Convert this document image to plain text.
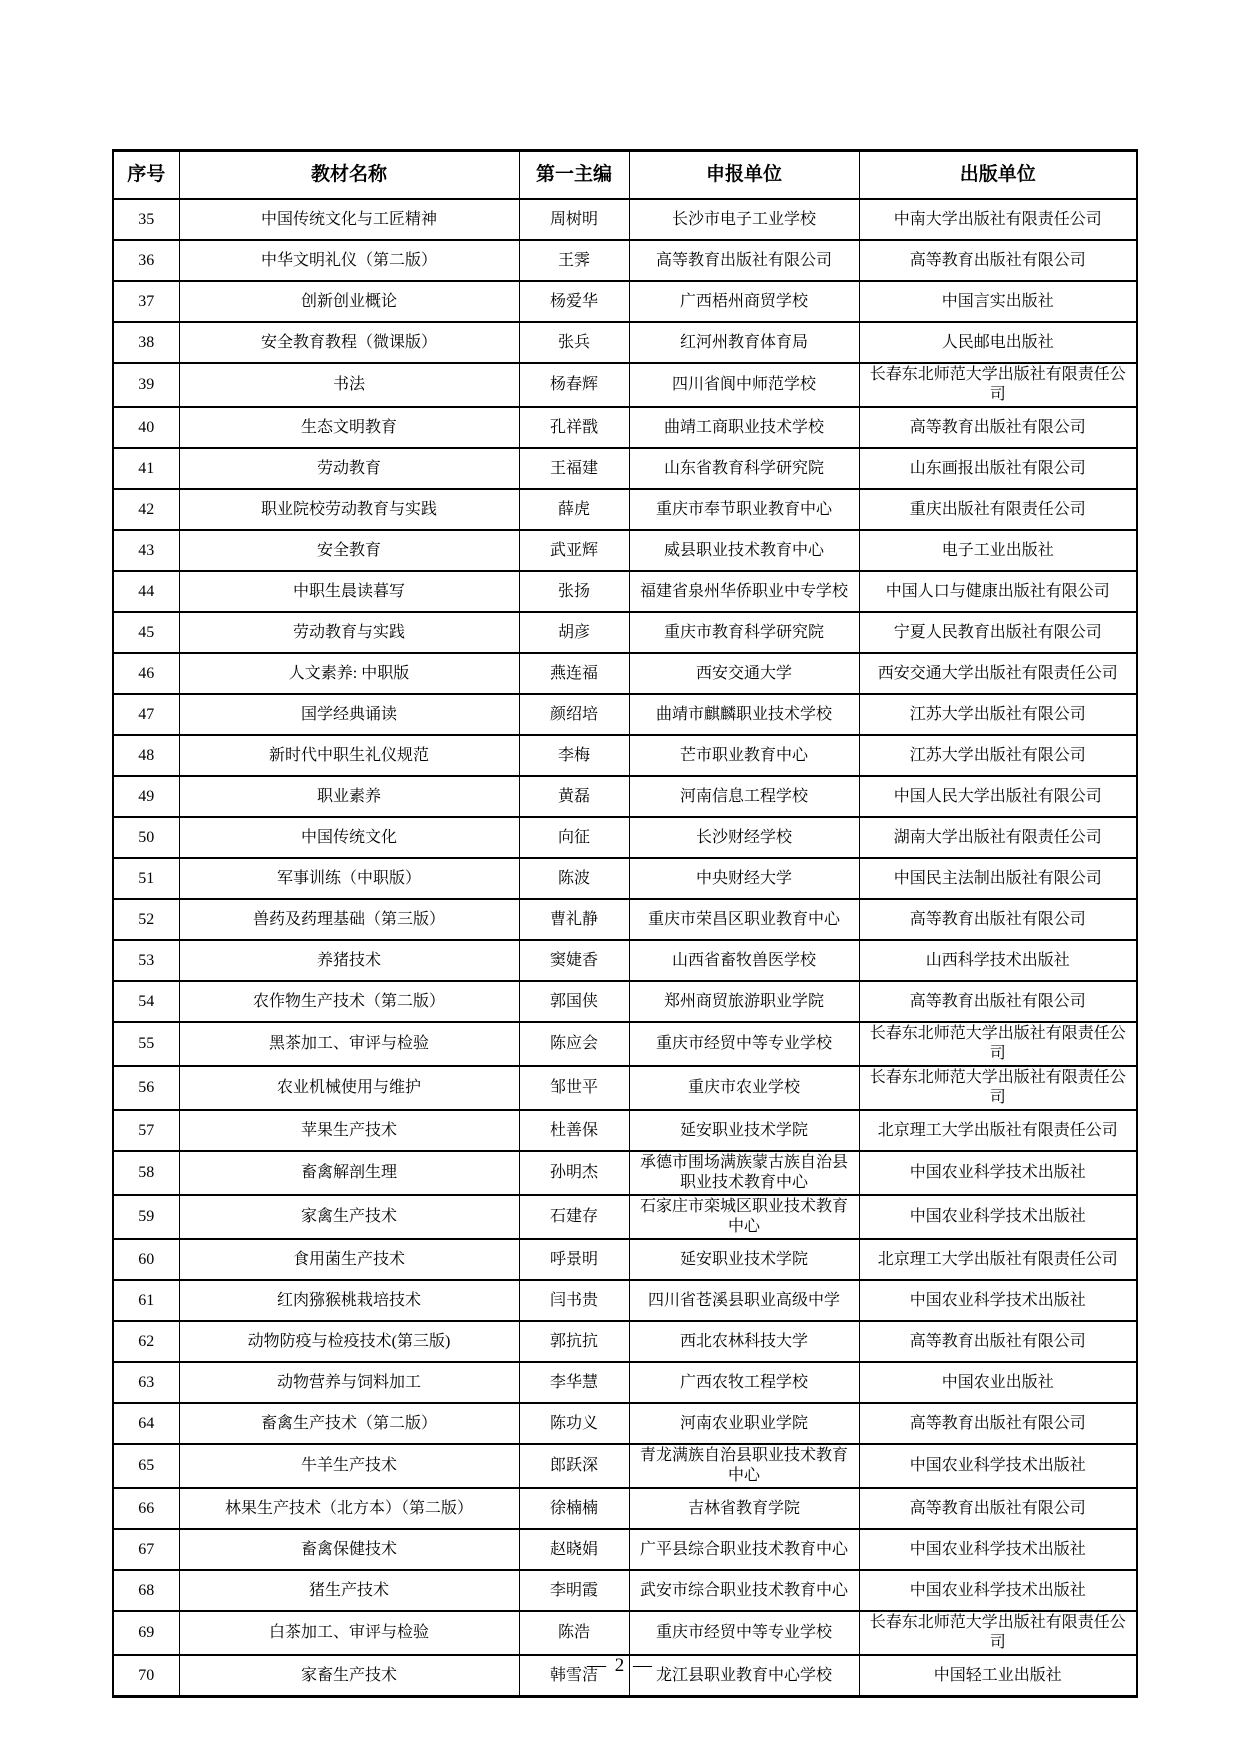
序号	教材名称	第一主编	申报单位	出版单位
35	中国传统文化与工匠精神	周树明	长沙市电子工业学校	中南大学出版社有限责任公司
36	中华文明礼仪（第二版）	王霁	高等教育出版社有限公司	高等教育出版社有限公司
37	创新创业概论	杨爱华	广西梧州商贸学校	中国言实出版社
38	安全教育教程（微课版）	张兵	红河州教育体育局	人民邮电出版社
39	书法	杨春辉	四川省阆中师范学校	长春东北师范大学出版社有限责任公司
40	生态文明教育	孔祥戬	曲靖工商职业技术学校	高等教育出版社有限公司
41	劳动教育	王福建	山东省教育科学研究院	山东画报出版社有限公司
42	职业院校劳动教育与实践	薛虎	重庆市奉节职业教育中心	重庆出版社有限责任公司
43	安全教育	武亚辉	威县职业技术教育中心	电子工业出版社
44	中职生晨读暮写	张扬	福建省泉州华侨职业中专学校	中国人口与健康出版社有限公司
45	劳动教育与实践	胡彦	重庆市教育科学研究院	宁夏人民教育出版社有限公司
46	人文素养: 中职版	燕连福	西安交通大学	西安交通大学出版社有限责任公司
47	国学经典诵读	颜绍培	曲靖市麒麟职业技术学校	江苏大学出版社有限公司
48	新时代中职生礼仪规范	李梅	芒市职业教育中心	江苏大学出版社有限公司
49	职业素养	黄磊	河南信息工程学校	中国人民大学出版社有限公司
50	中国传统文化	向征	长沙财经学校	湖南大学出版社有限责任公司
51	军事训练（中职版）	陈波	中央财经大学	中国民主法制出版社有限公司
52	兽药及药理基础（第三版）	曹礼静	重庆市荣昌区职业教育中心	高等教育出版社有限公司
53	养猪技术	窦婕香	山西省畜牧兽医学校	山西科学技术出版社
54	农作物生产技术（第二版）	郭国侠	郑州商贸旅游职业学院	高等教育出版社有限公司
55	黑茶加工、审评与检验	陈应会	重庆市经贸中等专业学校	长春东北师范大学出版社有限责任公司
56	农业机械使用与维护	邹世平	重庆市农业学校	长春东北师范大学出版社有限责任公司
57	苹果生产技术	杜善保	延安职业技术学院	北京理工大学出版社有限责任公司
58	畜禽解剖生理	孙明杰	承德市围场满族蒙古族自治县职业技术教育中心	中国农业科学技术出版社
59	家禽生产技术	石建存	石家庄市栾城区职业技术教育中心	中国农业科学技术出版社
60	食用菌生产技术	呼景明	延安职业技术学院	北京理工大学出版社有限责任公司
61	红肉猕猴桃栽培技术	闫书贵	四川省苍溪县职业高级中学	中国农业科学技术出版社
62	动物防疫与检疫技术(第三版)	郭抗抗	西北农林科技大学	高等教育出版社有限公司
63	动物营养与饲料加工	李华慧	广西农牧工程学校	中国农业出版社
64	畜禽生产技术（第二版）	陈功义	河南农业职业学院	高等教育出版社有限公司
65	牛羊生产技术	郎跃深	青龙满族自治县职业技术教育中心	中国农业科学技术出版社
66	林果生产技术（北方本）（第二版）	徐楠楠	吉林省教育学院	高等教育出版社有限公司
67	畜禽保健技术	赵晓娟	广平县综合职业技术教育中心	中国农业科学技术出版社
68	猪生产技术	李明霞	武安市综合职业技术教育中心	中国农业科学技术出版社
69	白茶加工、审评与检验	陈浩	重庆市经贸中等专业学校	长春东北师范大学出版社有限责任公司
70	家畜生产技术	韩雪洁	龙江县职业教育中心学校	中国轻工业出版社
— 2 —
